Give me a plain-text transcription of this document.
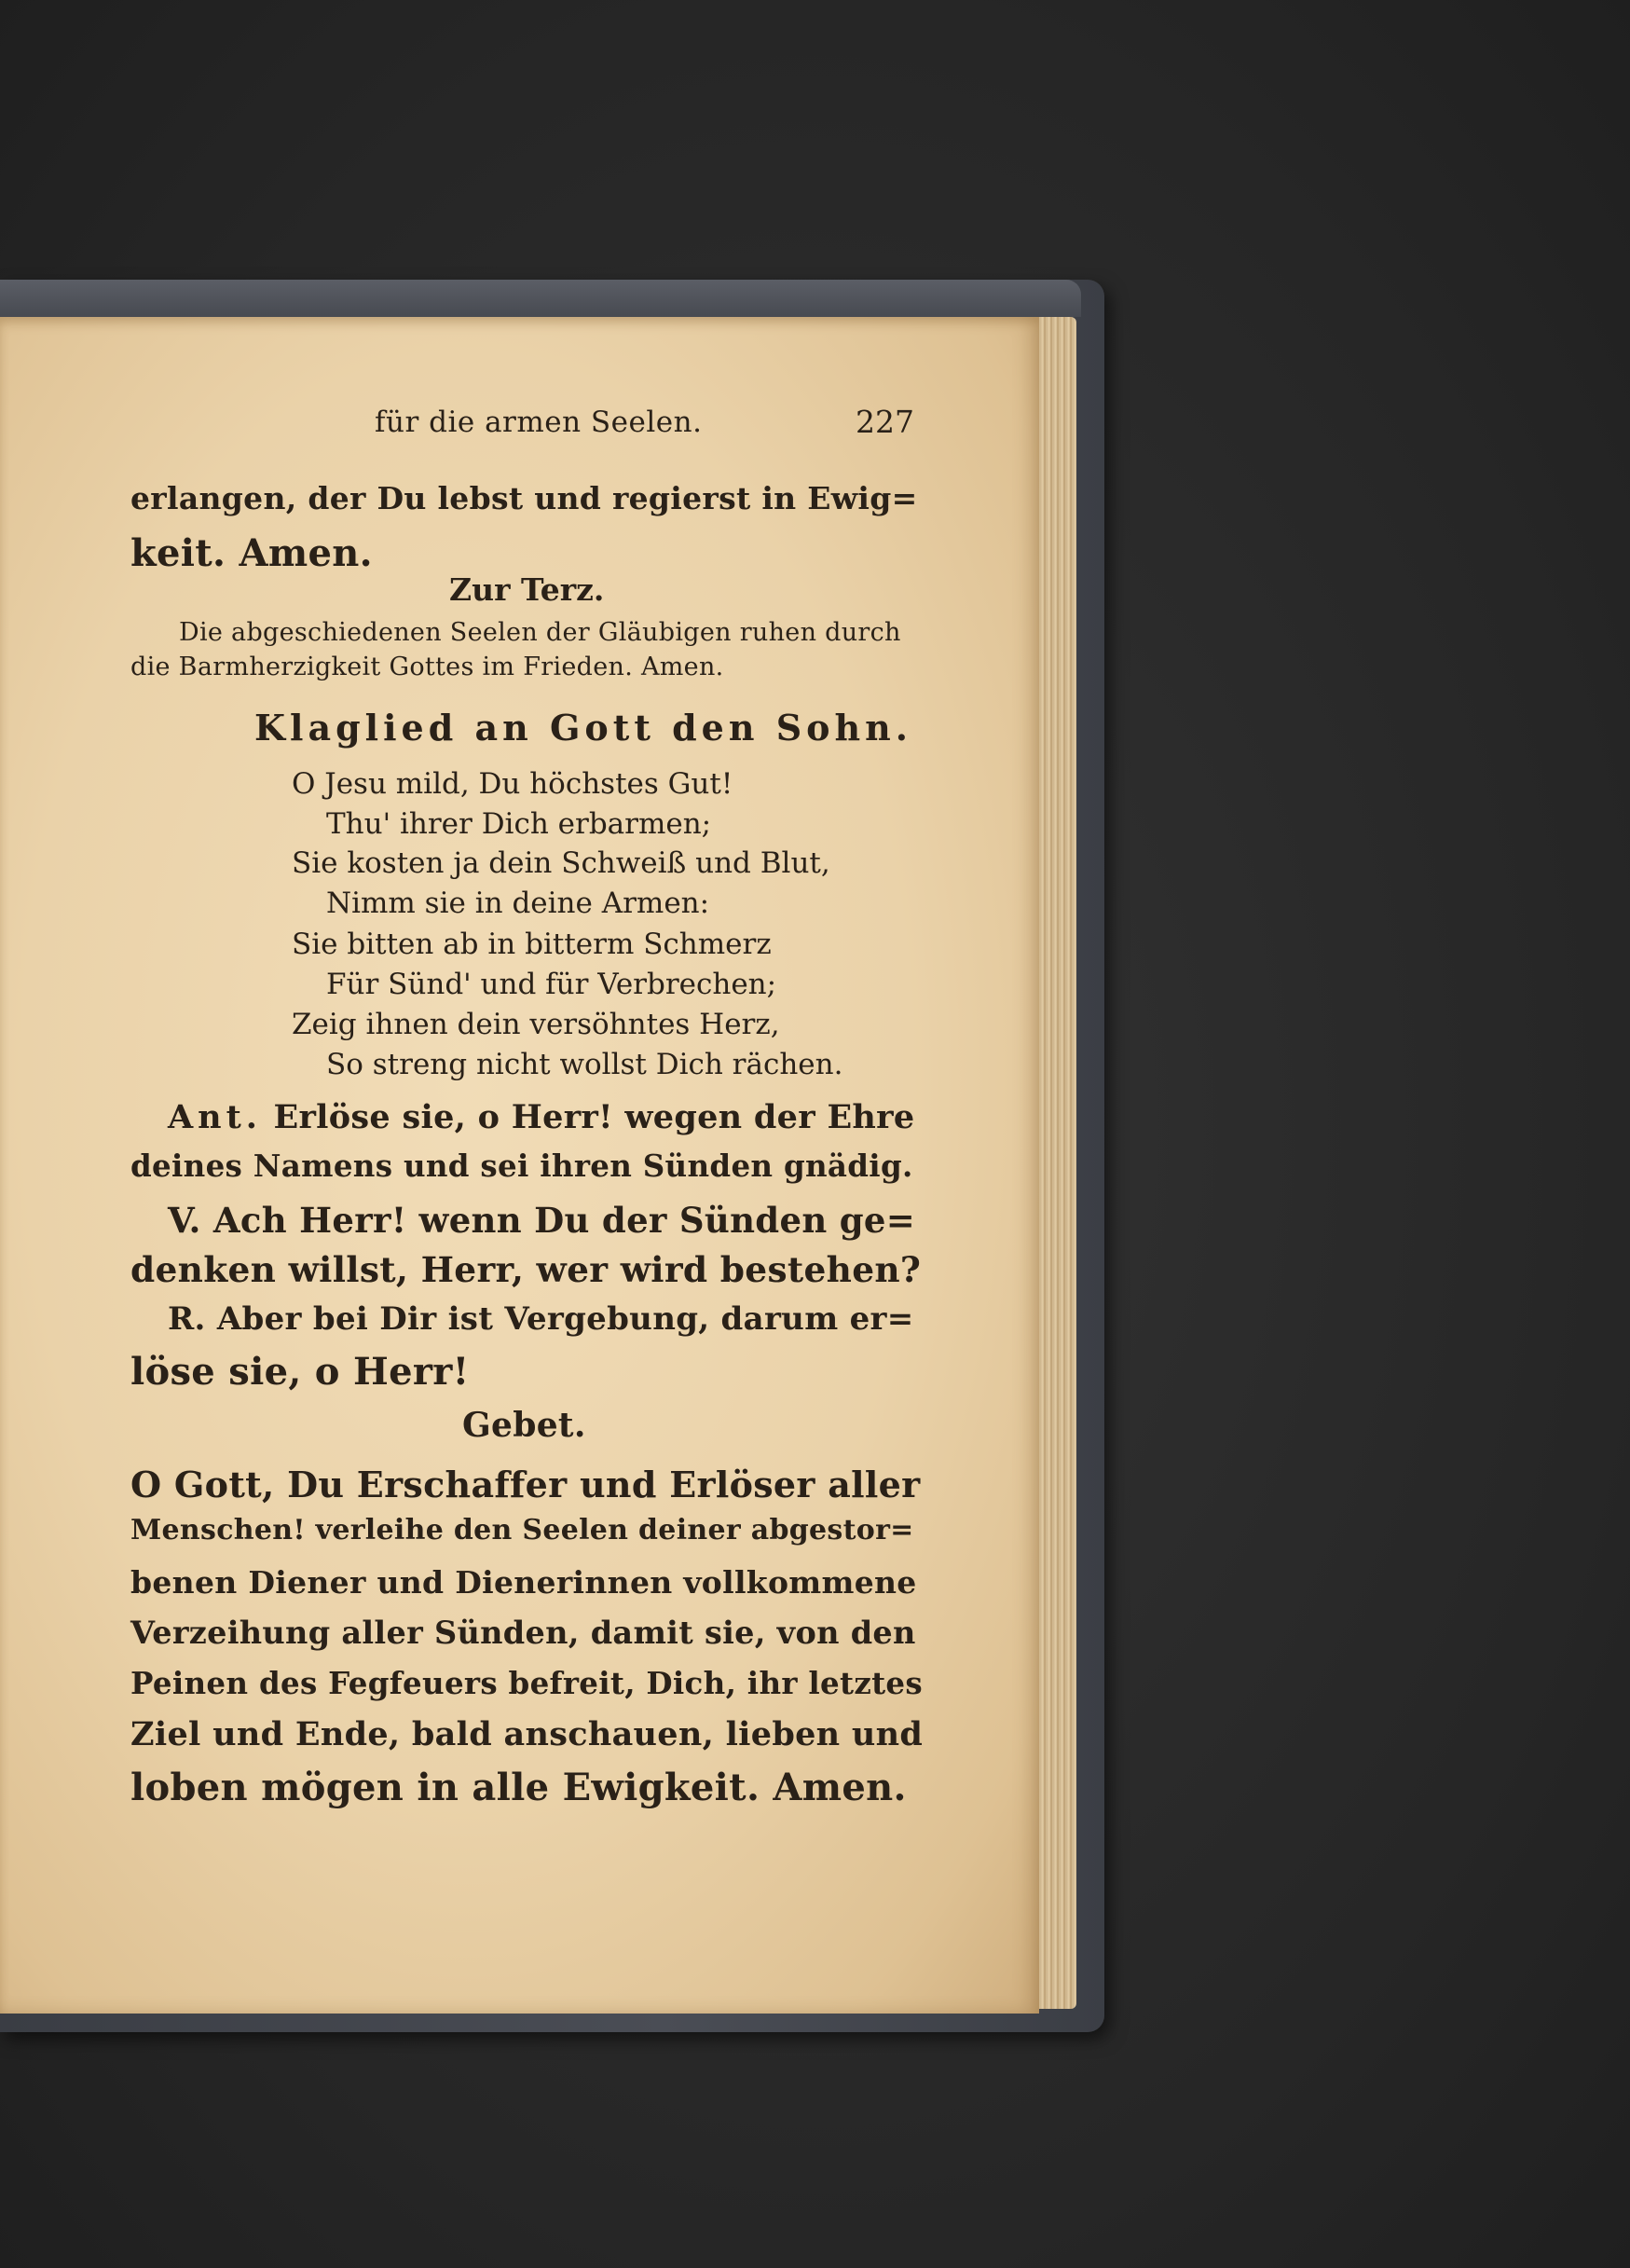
für die armen Seelen.	227
erlangen, der Du lebst und regierst in Ewig=
keit. Amen.
Zur Terz.
Die abgeschiedenen Seelen der Gläubigen ruhen durch
die Barmherzigkeit Gottes im Frieden. Amen.
Klaglied an Gott den Sohn.
O Jesu mild, Du höchstes Gut!
Thu' ihrer Dich erbarmen;
Sie kosten ja dein Schweiß und Blut,
Nimm sie in deine Armen:
Sie bitten ab in bitterm Schmerz
Für Sünd' und für Verbrechen;
Zeig ihnen dein versöhntes Herz,
So streng nicht wollst Dich rächen.
Ant. Erlöse sie, o Herr! wegen der Ehre
deines Namens und sei ihren Sünden gnädig.
V. Ach Herr! wenn Du der Sünden ge=
denken willst, Herr, wer wird bestehen?
R. Aber bei Dir ist Vergebung, darum er=
löse sie, o Herr!
Gebet.
O Gott, Du Erschaffer und Erlöser aller
Menschen! verleihe den Seelen deiner abgestor=
benen Diener und Dienerinnen vollkommene
Verzeihung aller Sünden, damit sie, von den
Peinen des Fegfeuers befreit, Dich, ihr letztes
Ziel und Ende, bald anschauen, lieben und
loben mögen in alle Ewigkeit. Amen.
